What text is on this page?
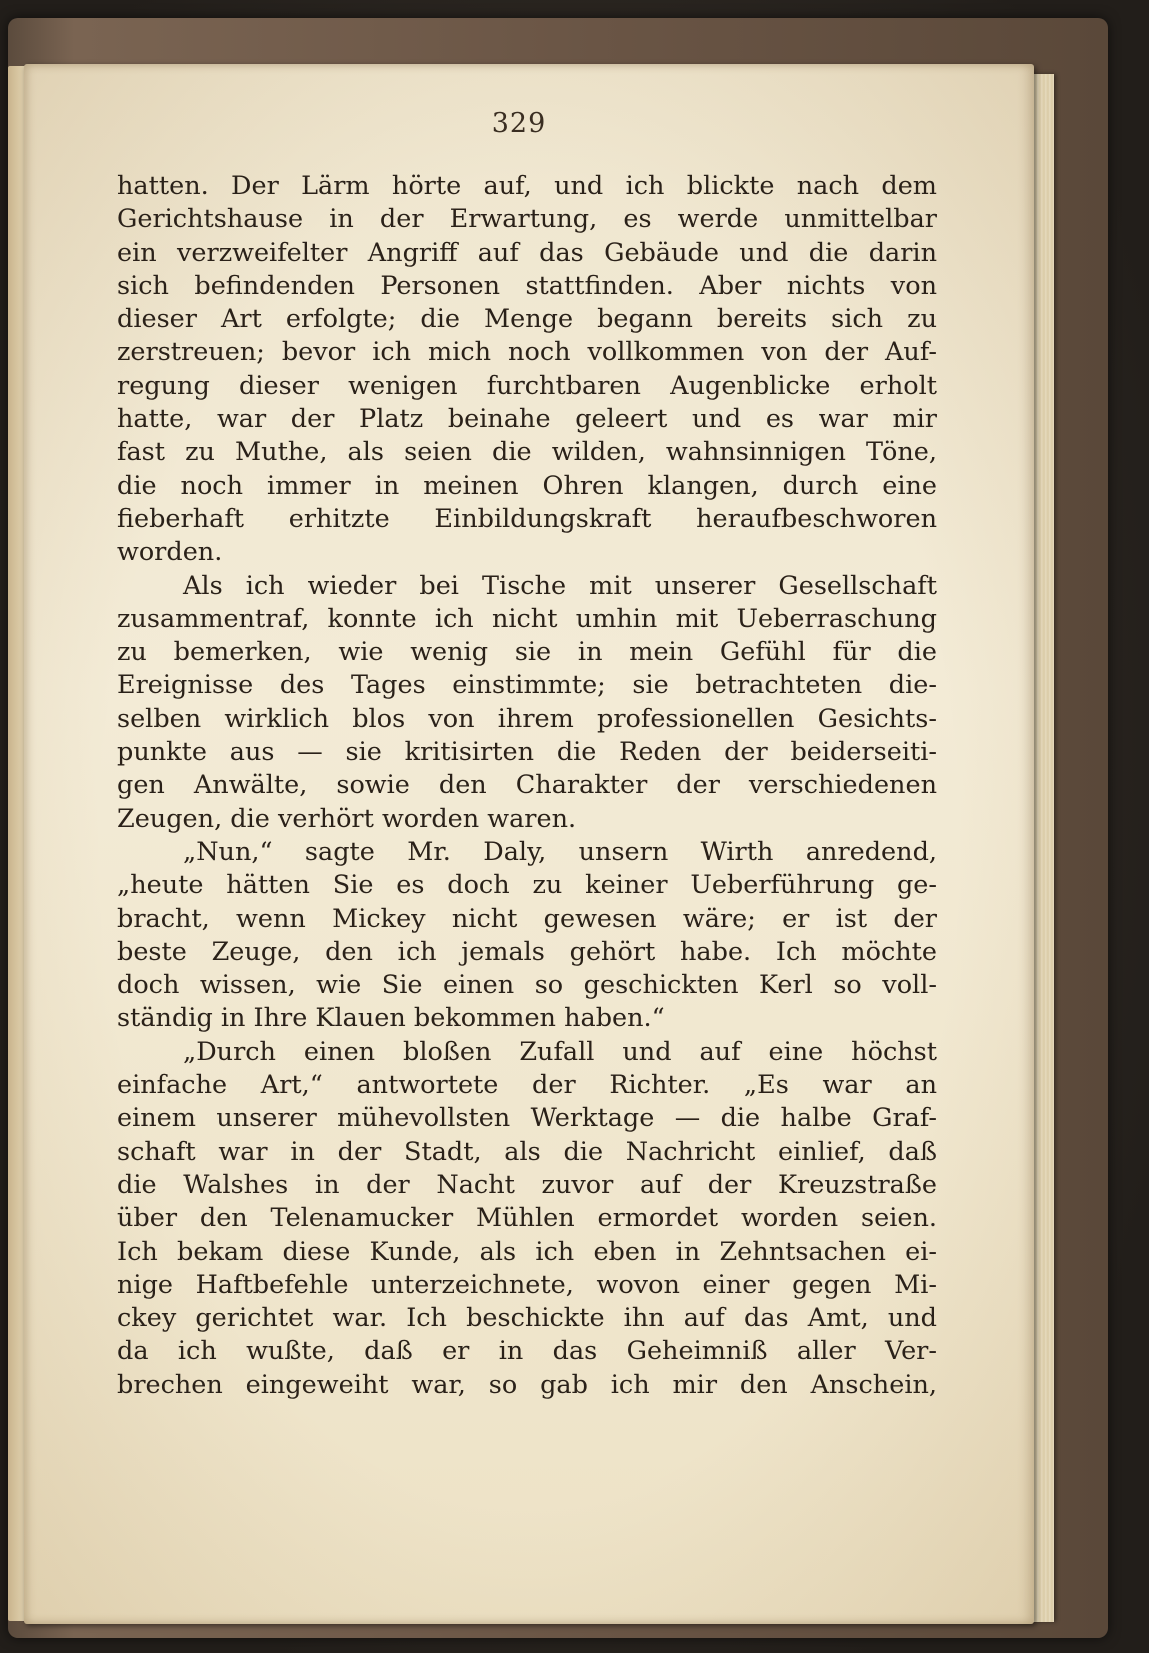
329
hatten. Der Lärm hörte auf, und ich blickte nach dem
Gerichtshause in der Erwartung, es werde unmittelbar
ein verzweifelter Angriff auf das Gebäude und die darin
sich befindenden Personen stattfinden. Aber nichts von
dieser Art erfolgte; die Menge begann bereits sich zu
zerstreuen; bevor ich mich noch vollkommen von der Auf-
regung dieser wenigen furchtbaren Augenblicke erholt
hatte, war der Platz beinahe geleert und es war mir
fast zu Muthe, als seien die wilden, wahnsinnigen Töne,
die noch immer in meinen Ohren klangen, durch eine
fieberhaft erhitzte Einbildungskraft heraufbeschworen
worden.
Als ich wieder bei Tische mit unserer Gesellschaft
zusammentraf, konnte ich nicht umhin mit Ueberraschung
zu bemerken, wie wenig sie in mein Gefühl für die
Ereignisse des Tages einstimmte; sie betrachteten die-
selben wirklich blos von ihrem professionellen Gesichts-
punkte aus — sie kritisirten die Reden der beiderseiti-
gen Anwälte, sowie den Charakter der verschiedenen
Zeugen, die verhört worden waren.
„Nun,“ sagte Mr. Daly, unsern Wirth anredend,
„heute hätten Sie es doch zu keiner Ueberführung ge-
bracht, wenn Mickey nicht gewesen wäre; er ist der
beste Zeuge, den ich jemals gehört habe. Ich möchte
doch wissen, wie Sie einen so geschickten Kerl so voll-
ständig in Ihre Klauen bekommen haben.“
„Durch einen bloßen Zufall und auf eine höchst
einfache Art,“ antwortete der Richter. „Es war an
einem unserer mühevollsten Werktage — die halbe Graf-
schaft war in der Stadt, als die Nachricht einlief, daß
die Walshes in der Nacht zuvor auf der Kreuzstraße
über den Telenamucker Mühlen ermordet worden seien.
Ich bekam diese Kunde, als ich eben in Zehntsachen ei-
nige Haftbefehle unterzeichnete, wovon einer gegen Mi-
ckey gerichtet war. Ich beschickte ihn auf das Amt, und
da ich wußte, daß er in das Geheimniß aller Ver-
brechen eingeweiht war, so gab ich mir den Anschein,
